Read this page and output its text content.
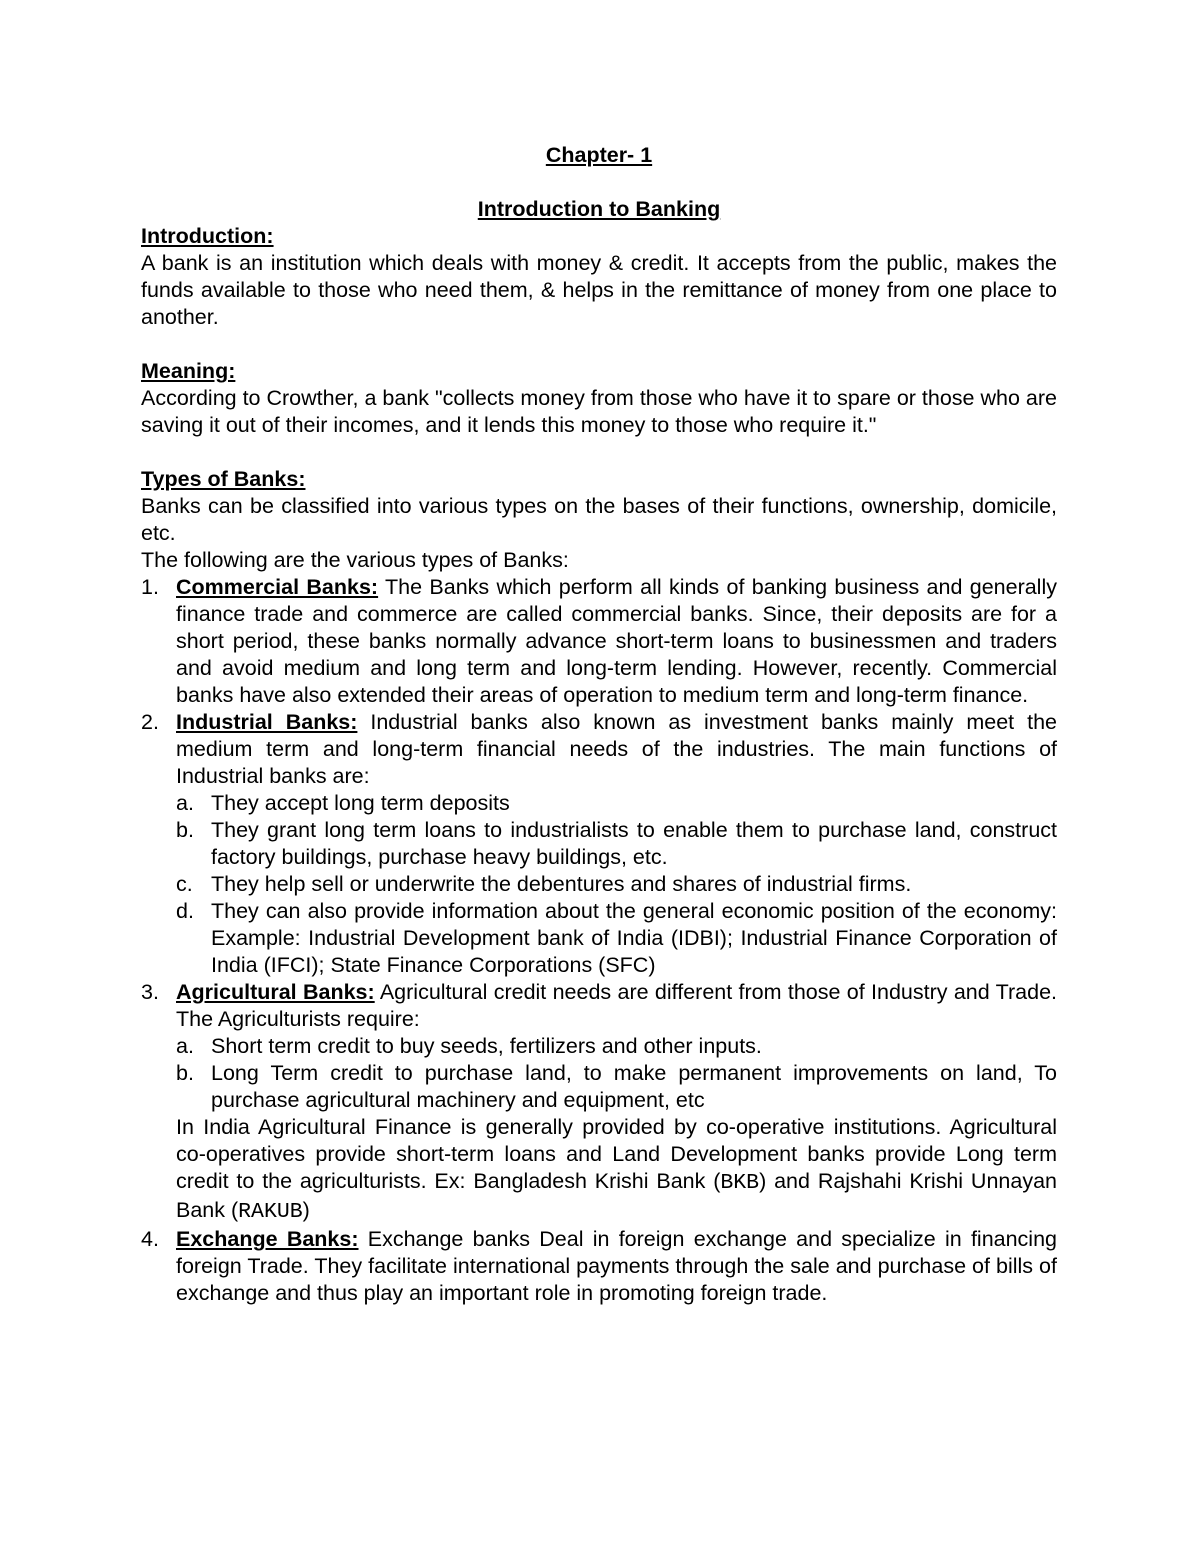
Chapter- 1

Introduction to Banking

Introduction:

A bank is an institution which deals with money & credit. It accepts from the public, makes the funds available to those who need them, & helps in the remittance of money from one place to another.

Meaning:

According to Crowther, a bank "collects money from those who have it to spare or those who are saving it out of their incomes, and it lends this money to those who require it."

Types of Banks:

Banks can be classified into various types on the bases of their functions, ownership, domicile, etc.

The following are the various types of Banks:

1. Commercial Banks: The Banks which perform all kinds of banking business and generally finance trade and commerce are called commercial banks. Since, their deposits are for a short period, these banks normally advance short-term loans to businessmen and traders and avoid medium and long term and long-term lending. However, recently. Commercial banks have also extended their areas of operation to medium term and long-term finance.
2. Industrial Banks: Industrial banks also known as investment banks mainly meet the medium term and long-term financial needs of the industries. The main functions of Industrial banks are:
a. They accept long term deposits
b. They grant long term loans to industrialists to enable them to purchase land, construct factory buildings, purchase heavy buildings, etc.
c. They help sell or underwrite the debentures and shares of industrial firms.
d. They can also provide information about the general economic position of the economy: Example: Industrial Development bank of India (IDBI); Industrial Finance Corporation of India (IFCI); State Finance Corporations (SFC)
3. Agricultural Banks: Agricultural credit needs are different from those of Industry and Trade. The Agriculturists require:
a. Short term credit to buy seeds, fertilizers and other inputs.
b. Long Term credit to purchase land, to make permanent improvements on land, To purchase agricultural machinery and equipment, etc

In India Agricultural Finance is generally provided by co-operative institutions. Agricultural co-operatives provide short-term loans and Land Development banks provide Long term credit to the agriculturists. Ex: Bangladesh Krishi Bank (BKB) and Rajshahi Krishi Unnayan Bank (RAKUB)

4. Exchange Banks: Exchange banks Deal in foreign exchange and specialize in financing foreign Trade. They facilitate international payments through the sale and purchase of bills of exchange and thus play an important role in promoting foreign trade.
